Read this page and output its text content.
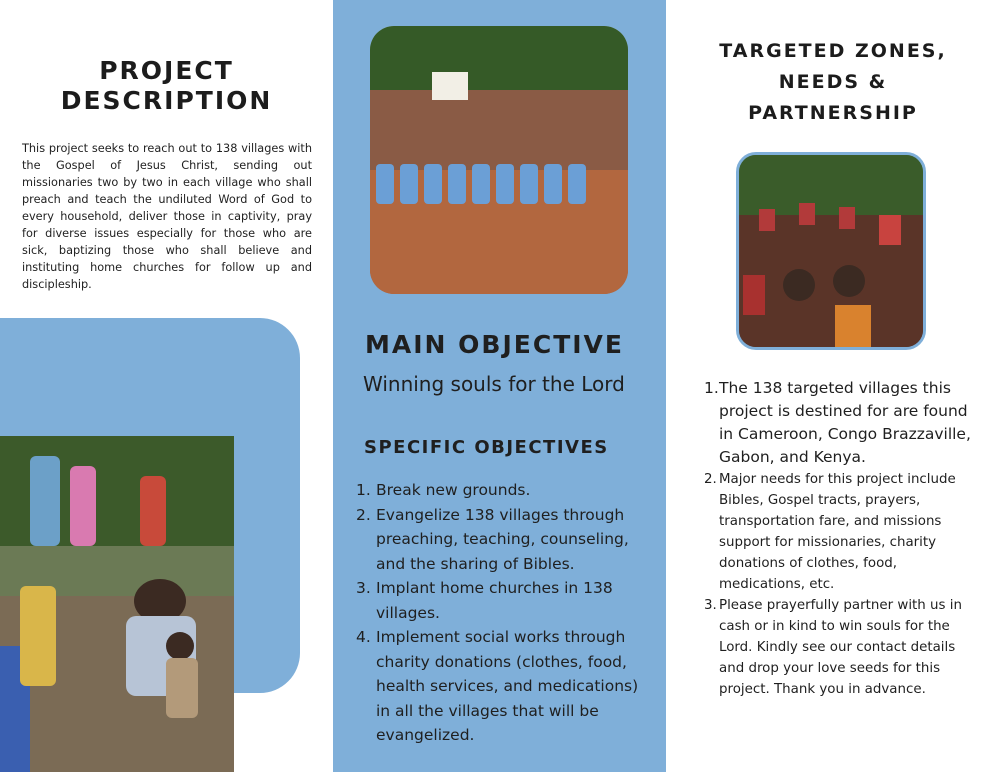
PROJECT
DESCRIPTION
This project seeks to reach out to 138 villages with the Gospel of Jesus Christ, sending out missionaries two by two in each village who shall preach and teach the undiluted Word of God to every household, deliver those in captivity, pray for diverse issues especially for those who are sick, baptizing those who shall believe and instituting home churches for follow up and discipleship.
MAIN OBJECTIVE
Winning souls for the Lord
SPECIFIC OBJECTIVES
1. Break new grounds.
2. Evangelize 138 villages through preaching, teaching, counseling, and the sharing of Bibles.
3. Implant home churches in 138 villages.
4. Implement social works through charity donations (clothes, food, health services, and medications) in all the villages that will be evangelized.
TARGETED ZONES,
NEEDS &
PARTNERSHIP
1. The 138 targeted villages this project is destined for are found in Cameroon, Congo Brazzaville, Gabon, and Kenya.
2. Major needs for this project include Bibles, Gospel tracts, prayers, transportation fare, and missions support for missionaries, charity donations of clothes, food, medications, etc.
3. Please prayerfully partner with us in cash or in kind to win souls for the Lord. Kindly see our contact details and drop your love seeds for this project. Thank you in advance.
